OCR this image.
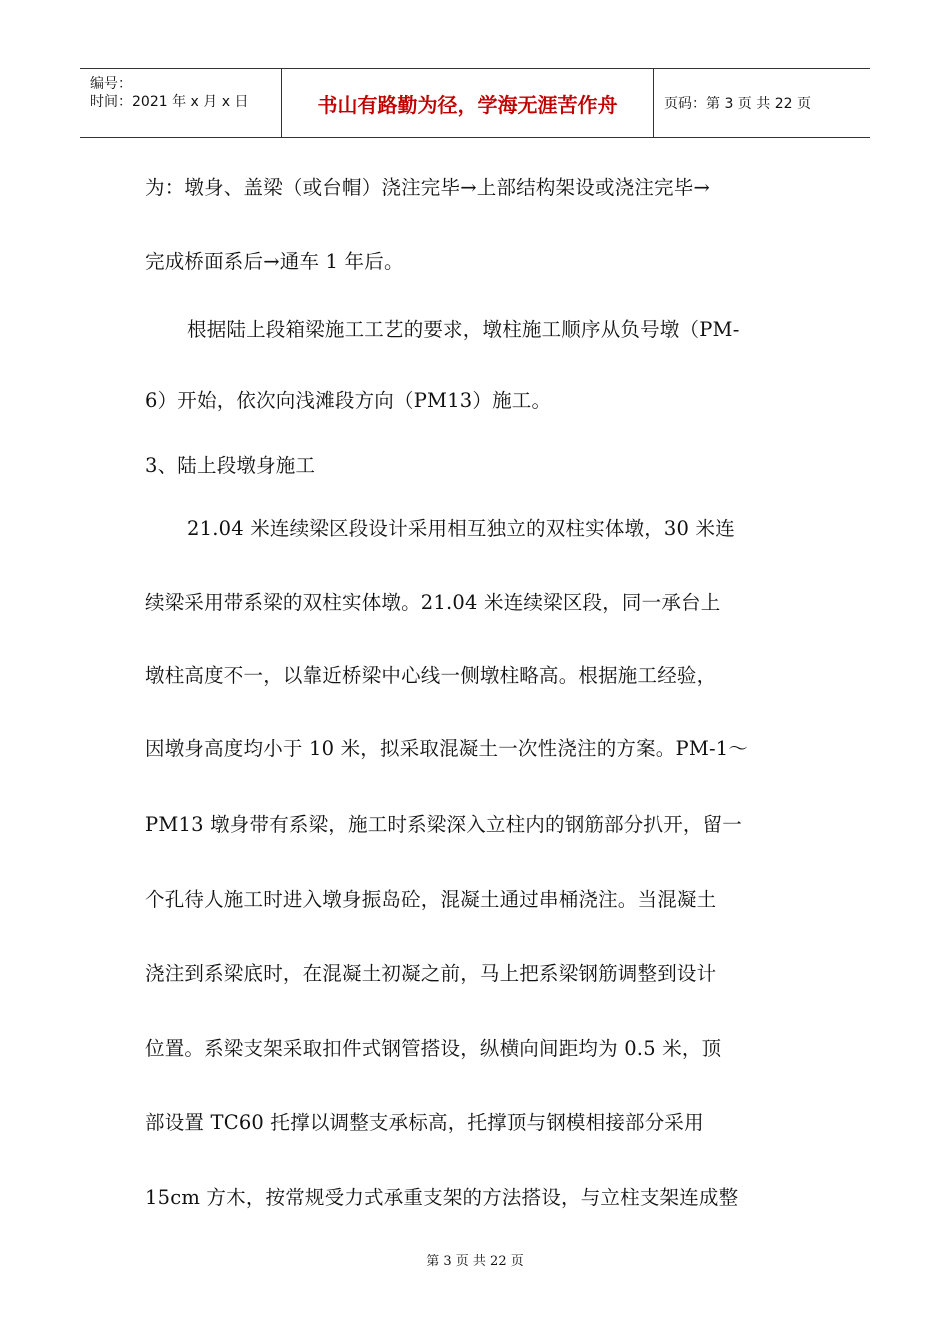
编号：
时间：2021 年 x 月 x 日	书山有路勤为径，学海无涯苦作舟	页码：第 3 页 共 22 页
为：墩身、盖梁（或台帽）浇注完毕→上部结构架设或浇注完毕→
完成桥面系后→通车 1 年后。
根据陆上段箱梁施工工艺的要求，墩柱施工顺序从负号墩（PM-
6）开始，依次向浅滩段方向（PM13）施工。
3、陆上段墩身施工
21.04 米连续梁区段设计采用相互独立的双柱实体墩，30 米连
续梁采用带系梁的双柱实体墩。21.04 米连续梁区段，同一承台上
墩柱高度不一，以靠近桥梁中心线一侧墩柱略高。根据施工经验，
因墩身高度均小于 10 米，拟采取混凝土一次性浇注的方案。PM-1～
PM13 墩身带有系梁，施工时系梁深入立柱内的钢筋部分扒开，留一
个孔待人施工时进入墩身振岛砼，混凝土通过串桶浇注。当混凝土
浇注到系梁底时，在混凝土初凝之前，马上把系梁钢筋调整到设计
位置。系梁支架采取扣件式钢管搭设，纵横向间距均为 0.5 米，顶
部设置 TC60 托撑以调整支承标高，托撑顶与钢模相接部分采用
15cm 方木，按常规受力式承重支架的方法搭设，与立柱支架连成整
第 3 页 共 22 页
